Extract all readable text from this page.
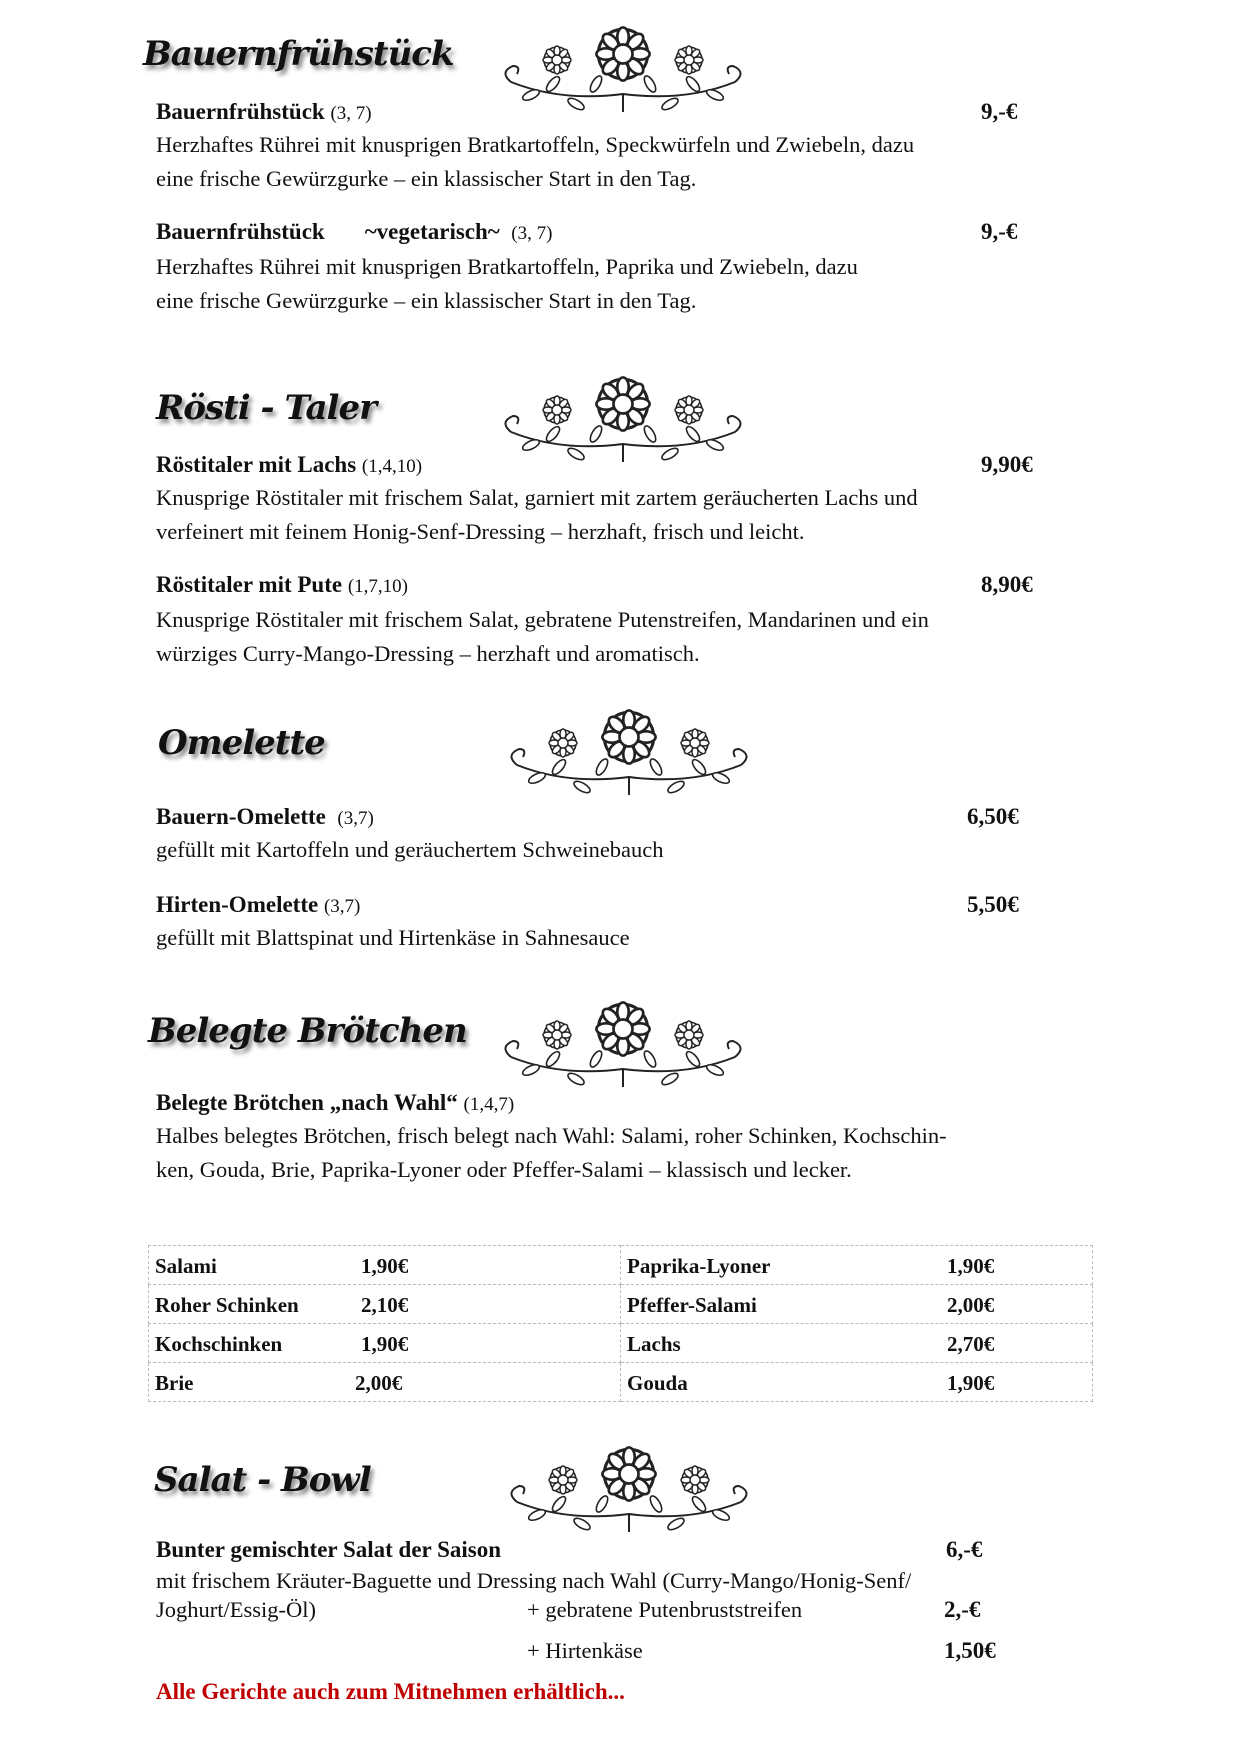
Bauernfrühstück
Bauernfrühstück (3, 7)	9,-€
Herzhaftes Rührei mit knusprigen Bratkartoffeln, Speckwürfeln und Zwiebeln, dazu
eine frische Gewürzgurke – ein klassischer Start in den Tag.
Bauernfrühstück ~vegetarisch~ (3, 7)	9,-€
Herzhaftes Rührei mit knusprigen Bratkartoffeln, Paprika und Zwiebeln, dazu
eine frische Gewürzgurke – ein klassischer Start in den Tag.
Rösti - Taler
Röstitaler mit Lachs (1,4,10)	9,90€
Knusprige Röstitaler mit frischem Salat, garniert mit zartem geräucherten Lachs und
verfeinert mit feinem Honig-Senf-Dressing – herzhaft, frisch und leicht.
Röstitaler mit Pute (1,7,10)	8,90€
Knusprige Röstitaler mit frischem Salat, gebratene Putenstreifen, Mandarinen und ein
würziges Curry-Mango-Dressing – herzhaft und aromatisch.
Omelette
Bauern-Omelette (3,7)	6,50€
gefüllt mit Kartoffeln und geräuchertem Schweinebauch
Hirten-Omelette (3,7)	5,50€
gefüllt mit Blattspinat und Hirtenkäse in Sahnesauce
Belegte Brötchen
Belegte Brötchen „nach Wahl“ (1,4,7)
Halbes belegtes Brötchen, frisch belegt nach Wahl: Salami, roher Schinken, Kochschin-
ken, Gouda, Brie, Paprika-Lyoner oder Pfeffer-Salami – klassisch und lecker.
Salami 1,90€	Paprika-Lyoner 1,90€

Roher Schinken 2,10€	Pfeffer-Salami 2,00€

Kochschinken 1,90€	Lachs 2,70€

Brie 2,00€	Gouda 1,90€
Salat - Bowl
Bunter gemischter Salat der Saison	6,-€
mit frischem Kräuter-Baguette und Dressing nach Wahl (Curry-Mango/Honig-Senf/
Joghurt/Essig-Öl)	+ gebratene Putenbruststreifen	2,-€
+ Hirtenkäse	1,50€
Alle Gerichte auch zum Mitnehmen erhältlich...
